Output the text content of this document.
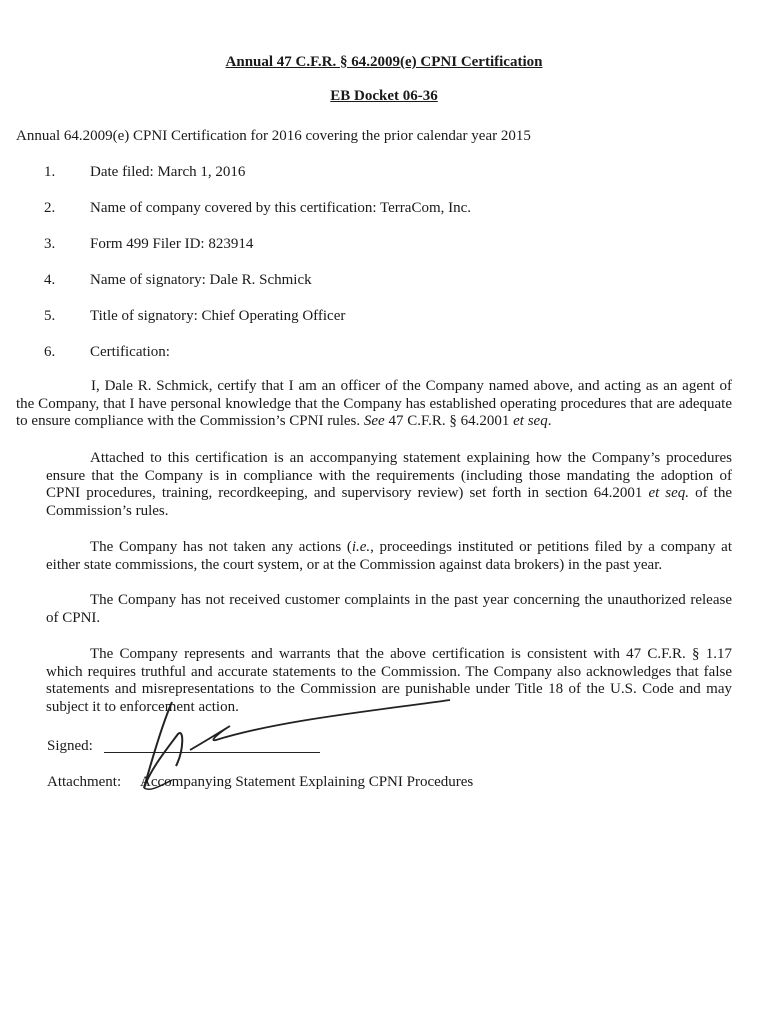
Annual 47 C.F.R. § 64.2009(e) CPNI Certification
EB Docket 06-36
Annual 64.2009(e) CPNI Certification for 2016 covering the prior calendar year 2015
1. Date filed: March 1, 2016
2. Name of company covered by this certification: TerraCom, Inc.
3. Form 499 Filer ID: 823914
4. Name of signatory: Dale R. Schmick
5. Title of signatory: Chief Operating Officer
6. Certification:

I, Dale R. Schmick, certify that I am an officer of the Company named above, and acting as an agent of the Company, that I have personal knowledge that the Company has established operating procedures that are adequate to ensure compliance with the Commission’s CPNI rules. See 47 C.F.R. § 64.2001 et seq.

Attached to this certification is an accompanying statement explaining how the Company’s procedures ensure that the Company is in compliance with the requirements (including those mandating the adoption of CPNI procedures, training, recordkeeping, and supervisory review) set forth in section 64.2001 et seq. of the Commission’s rules.

The Company has not taken any actions (i.e., proceedings instituted or petitions filed by a company at either state commissions, the court system, or at the Commission against data brokers) in the past year.

The Company has not received customer complaints in the past year concerning the unauthorized release of CPNI.

The Company represents and warrants that the above certification is consistent with 47 C.F.R. § 1.17 which requires truthful and accurate statements to the Commission. The Company also acknowledges that false statements and misrepresentations to the Commission are punishable under Title 18 of the U.S. Code and may subject it to enforcement action.

Signed:
Attachment: Accompanying Statement Explaining CPNI Procedures
